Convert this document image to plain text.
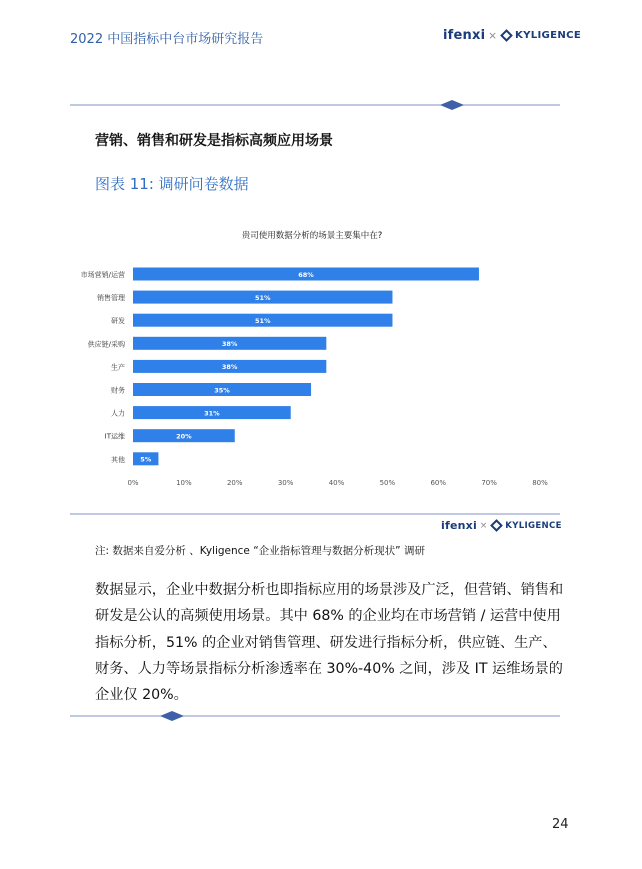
2022 中国指标中台市场研究报告	ifenxi × KYLIGENCE
营销、销售和研发是指标高频应用场景
图表 11: 调研问卷数据
贵司使用数据分析的场景主要集中在?
市场营销/运营	68%
销售管理	51%
研发	51%
供应链/采购	38%
生产	38%
财务	35%
人力	31%
IT运维	20%
其他 5%
0%	10%	20%	30%	40%	50%	60%	70%	80%
ifenxi × KYLIGENCE
注: 数据来自爱分析 、Kyligence “企业指标管理与数据分析现状” 调研
数据显示，企业中数据分析也即指标应用的场景涉及广泛，但营销、销售和研发是公认的高频使用场景。其中 68% 的企业均在市场营销 / 运营中使用指标分析，51% 的企业对销售管理、研发进行指标分析，供应链、生产、财务、人力等场景指标分析渗透率在 30%-40% 之间，涉及 IT 运维场景的企业仅 20%。
24
